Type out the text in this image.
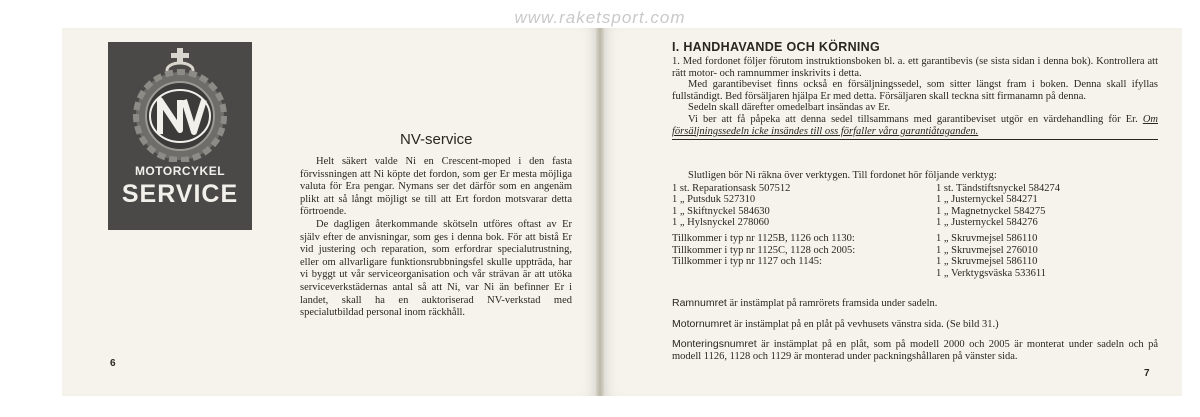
www.raketsport.com
MOTORCYKEL
SERVICE
NV-service

Helt säkert valde Ni en Crescent-moped i den fasta förvissningen att Ni köpte det fordon, som ger Er mesta möjliga valuta för Era pengar. Nymans ser det därför som en angenäm plikt att så långt möjligt se till att Ert fordon motsvarar detta förtroende.

De dagligen återkommande skötseln utföres oftast av Er själv efter de anvisningar, som ges i denna bok. För att bistå Er vid justering och reparation, som erfordrar specialutrustning, eller om allvarligare funktionsrubbningsfel skulle uppträda, har vi byggt ut vår serviceorganisation och vår strävan är att utöka serviceverkstädernas antal så att Ni, var Ni än befinner Er i landet, skall ha en auktoriserad NV-verkstad med specialutbildad personal inom räckhåll.

6
I. HANDHAVANDE OCH KÖRNING

1. Med fordonet följer förutom instruktionsboken bl. a. ett garantibevis (se sista sidan i denna bok). Kontrollera att rätt motor- och ramnummer inskrivits i detta.

Med garantibeviset finns också en försäljningssedel, som sitter längst fram i boken. Denna skall ifyllas fullständigt. Bed försäljaren hjälpa Er med detta. Försäljaren skall teckna sitt firmanamn på denna.

Sedeln skall därefter omedelbart insändas av Er.

Vi ber att få påpeka att denna sedel tillsammans med garantibeviset utgör en värdehandling för Er. Om försäljningssedeln icke insändes till oss förfaller våra garantiåtaganden.

Slutligen bör Ni räkna över verktygen. Till fordonet hör följande verktyg:

1 st. Reparationsask 507512
1 „ Putsduk 527310
1 „ Skiftnyckel 584630
1 „ Hylsnyckel 278060
Tillkommer i typ nr 1125B, 1126 och 1130:
Tillkommer i typ nr 1125C, 1128 och 2005:
Tillkommer i typ nr 1127 och 1145:
1 st. Tändstiftsnyckel 584274
1 „ Justernyckel 584271
1 „ Magnetnyckel 584275
1 „ Justernyckel 584276
1 „ Skruvmejsel 586110
1 „ Skruvmejsel 276010
1 „ Skruvmejsel 586110
1 „ Verktygsväska 533611

Ramnumret är instämplat på ramrörets framsida under sadeln.

Motornumret är instämplat på en plåt på vevhusets vänstra sida. (Se bild 31.)

Monteringsnumret är instämplat på en plåt, som på modell 2000 och 2005 är monterat under sadeln och på modell 1126, 1128 och 1129 är monterad under packningshållaren på vänster sida.

7
